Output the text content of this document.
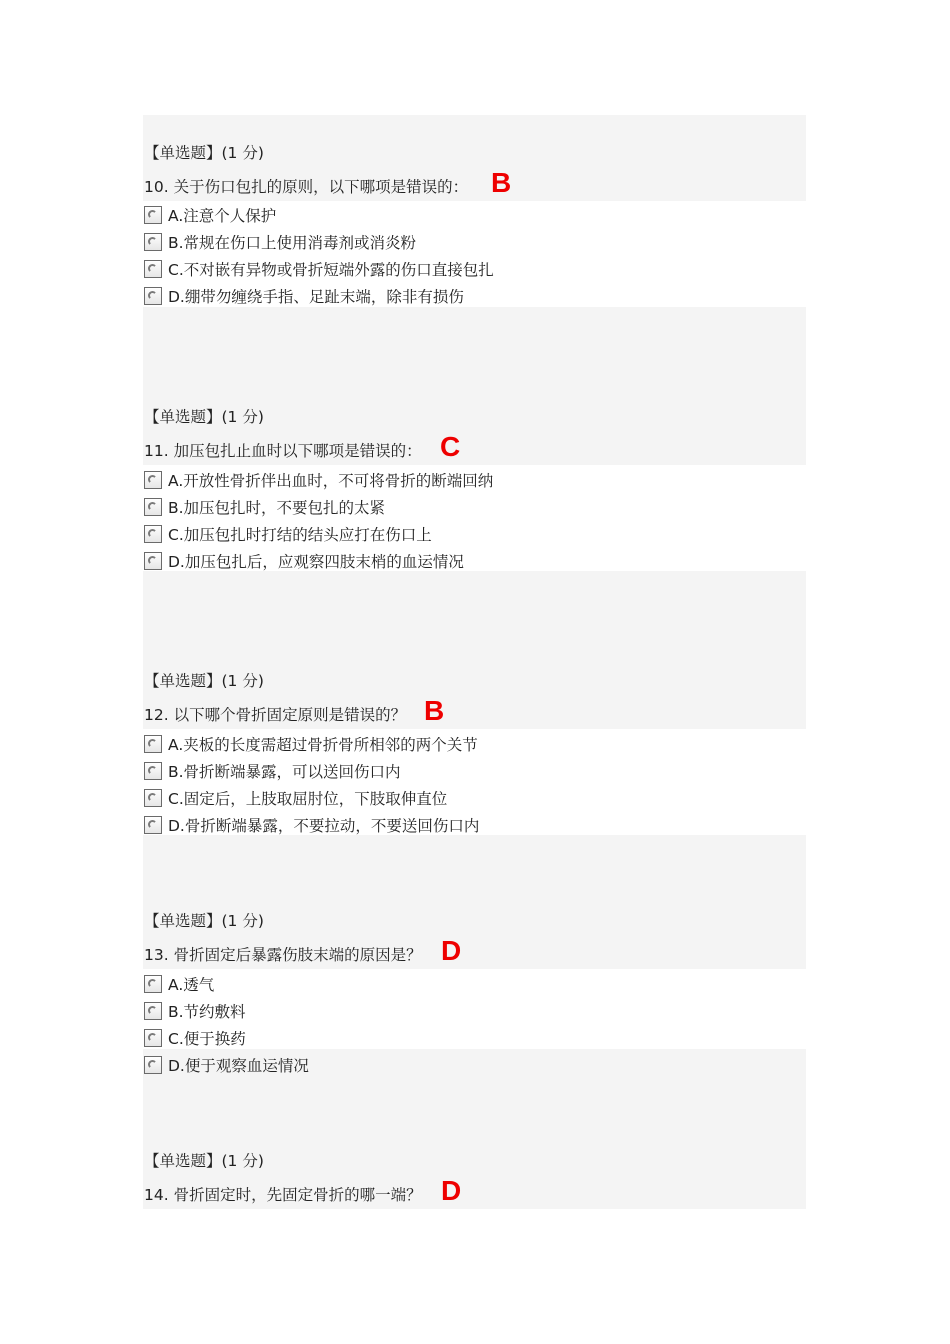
【单选题】(1 分)
10. 关于伤口包扎的原则，以下哪项是错误的： B
A.注意个人保护
B.常规在伤口上使用消毒剂或消炎粉
C.不对嵌有异物或骨折短端外露的伤口直接包扎
D.绷带勿缠绕手指、足趾末端，除非有损伤
【单选题】(1 分)
11. 加压包扎止血时以下哪项是错误的： C
A.开放性骨折伴出血时，不可将骨折的断端回纳
B.加压包扎时，不要包扎的太紧
C.加压包扎时打结的结头应打在伤口上
D.加压包扎后，应观察四肢末梢的血运情况
【单选题】(1 分)
12. 以下哪个骨折固定原则是错误的？ B
A.夹板的长度需超过骨折骨所相邻的两个关节
B.骨折断端暴露，可以送回伤口内
C.固定后，上肢取屈肘位，下肢取伸直位
D.骨折断端暴露，不要拉动，不要送回伤口内
【单选题】(1 分)
13. 骨折固定后暴露伤肢末端的原因是？ D
A.透气
B.节约敷料
C.便于换药
D.便于观察血运情况
【单选题】(1 分)
14. 骨折固定时，先固定骨折的哪一端？ D
